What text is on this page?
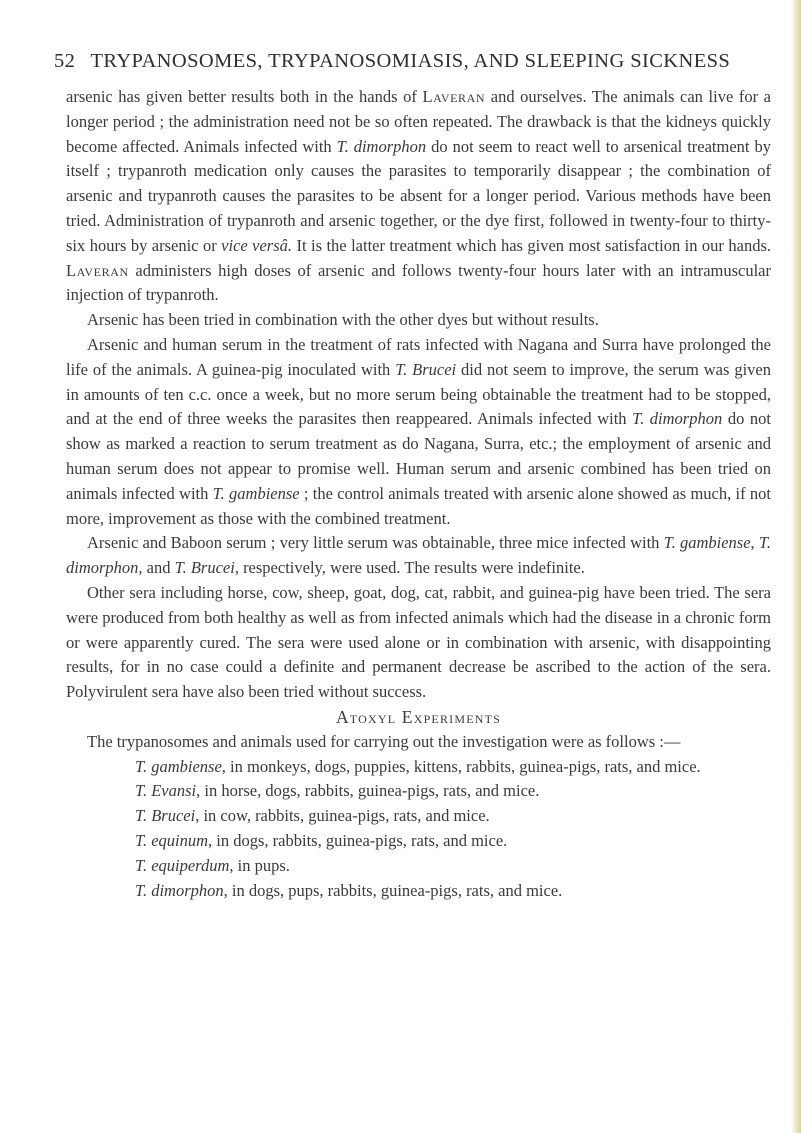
52 TRYPANOSOMES, TRYPANOSOMIASIS, AND SLEEPING SICKNESS

arsenic has given better results both in the hands of Laveran and ourselves. The animals can live for a longer period ; the administration need not be so often repeated. The drawback is that the kidneys quickly become affected. Animals infected with T. dimorphon do not seem to react well to arsenical treatment by itself ; trypanroth medication only causes the parasites to temporarily disappear ; the combination of arsenic and trypanroth causes the parasites to be absent for a longer period. Various methods have been tried. Administration of trypanroth and arsenic together, or the dye first, followed in twenty-four to thirty-six hours by arsenic or vice versâ. It is the latter treatment which has given most satisfaction in our hands. Laveran administers high doses of arsenic and follows twenty-four hours later with an intramuscular injection of trypanroth.

Arsenic has been tried in combination with the other dyes but without results.

Arsenic and human serum in the treatment of rats infected with Nagana and Surra have prolonged the life of the animals. A guinea-pig inoculated with T. Brucei did not seem to improve, the serum was given in amounts of ten c.c. once a week, but no more serum being obtainable the treatment had to be stopped, and at the end of three weeks the parasites then reappeared. Animals infected with T. dimorphon do not show as marked a reaction to serum treatment as do Nagana, Surra, etc.; the employment of arsenic and human serum does not appear to promise well. Human serum and arsenic combined has been tried on animals infected with T. gambiense ; the control animals treated with arsenic alone showed as much, if not more, improvement as those with the combined treatment.

Arsenic and Baboon serum ; very little serum was obtainable, three mice infected with T. gambiense, T. dimorphon, and T. Brucei, respectively, were used. The results were indefinite.

Other sera including horse, cow, sheep, goat, dog, cat, rabbit, and guinea-pig have been tried. The sera were produced from both healthy as well as from infected animals which had the disease in a chronic form or were apparently cured. The sera were used alone or in combination with arsenic, with disappointing results, for in no case could a definite and permanent decrease be ascribed to the action of the sera. Polyvirulent sera have also been tried without success.

Atoxyl Experiments

The trypanosomes and animals used for carrying out the investigation were as follows :—

T. gambiense, in monkeys, dogs, puppies, kittens, rabbits, guinea-pigs, rats, and mice.
T. Evansi, in horse, dogs, rabbits, guinea-pigs, rats, and mice.
T. Brucei, in cow, rabbits, guinea-pigs, rats, and mice.
T. equinum, in dogs, rabbits, guinea-pigs, rats, and mice.
T. equiperdum, in pups.
T. dimorphon, in dogs, pups, rabbits, guinea-pigs, rats, and mice.
